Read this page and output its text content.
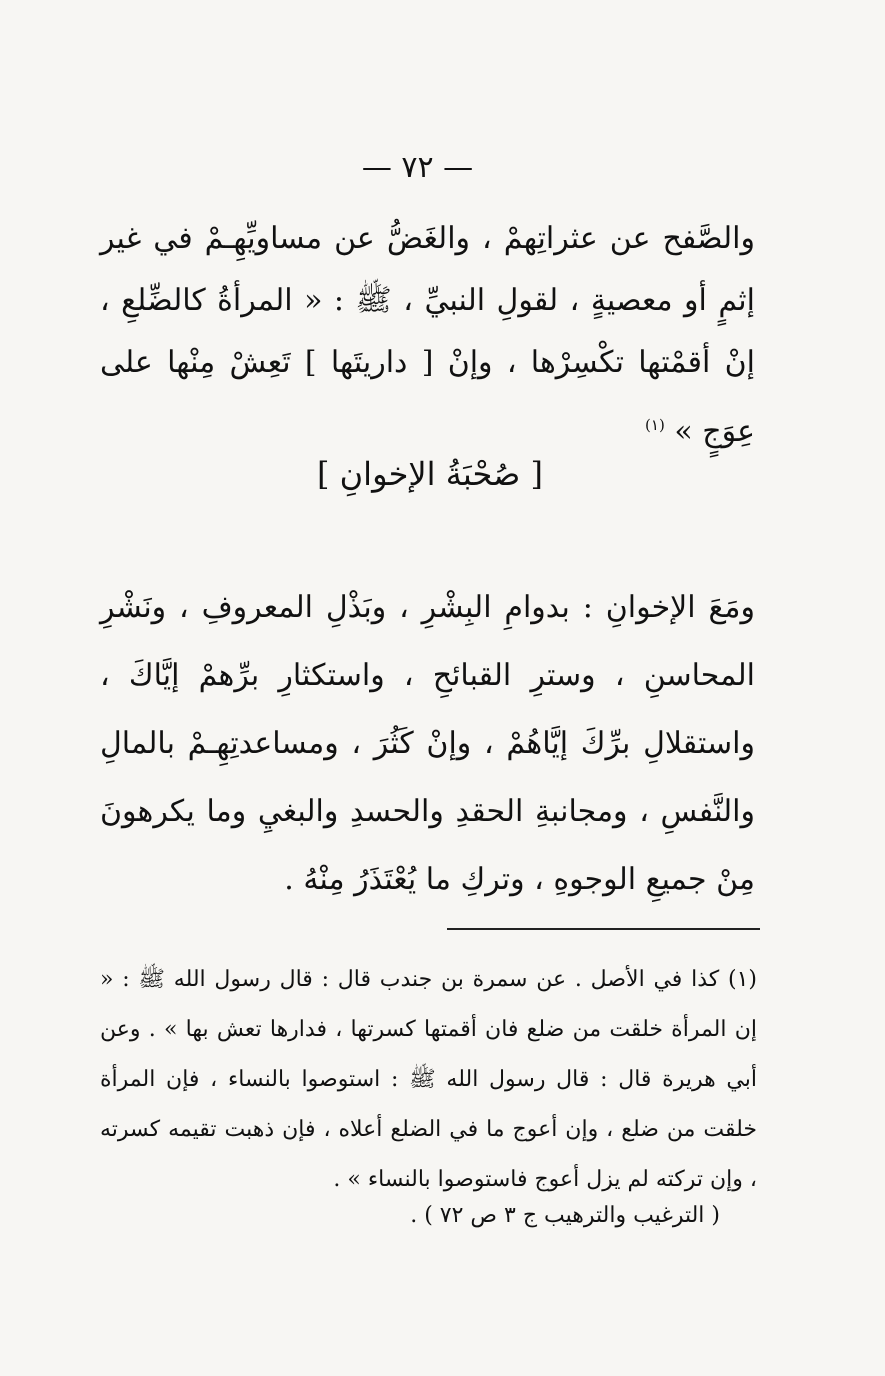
— ٧٢ —
والصَّفح عن عثراتِهمْ ، والغَضُّ عن مساويِّهِـمْ في غير إثمٍ أو معصيةٍ ، لقولِ النبيِّ ، ﷺ : « المرأةُ كالضِّلعِ ، إنْ أقمْتها تكْسِرْها ، وإنْ [ داريتَها ] تَعِشْ مِنْها على عِوَجٍ » $^{(١)}$
[ صُحْبَةُ الإخوانِ ]
ومَعَ الإخوانِ : بدوامِ البِشْرِ ، وبَذْلِ المعروفِ ، ونَشْرِ المحاسنِ ، وسترِ القبائحِ ، واستكثارِ برِّهمْ إيَّاكَ ، واستقلالِ برِّكَ إيَّاهُمْ ، وإنْ كَثُرَ ، ومساعدتِهِـمْ بالمالِ والنَّفسِ ، ومجانبةِ الحقدِ والحسدِ والبغيِ وما يكرهونَ مِنْ جميعِ الوجوهِ ، وتركِ ما يُعْتَذَرُ مِنْهُ .
(١) كذا في الأصل . عن سمرة بن جندب قال : قال رسول الله ﷺ : « إن المرأة خلقت من ضلع فان أقمتها كسرتها ، فدارها تعش بها » . وعن أبي هريرة قال : قال رسول الله ﷺ : استوصوا بالنساء ، فإن المرأة خلقت من ضلع ، وإن أعوج ما في الضلع أعلاه ، فإن ذهبت تقيمه كسرته ، وإن تركته لم يزل أعوج فاستوصوا بالنساء » .
( الترغيب والترهيب ج ٣ ص ٧٢ ) .
